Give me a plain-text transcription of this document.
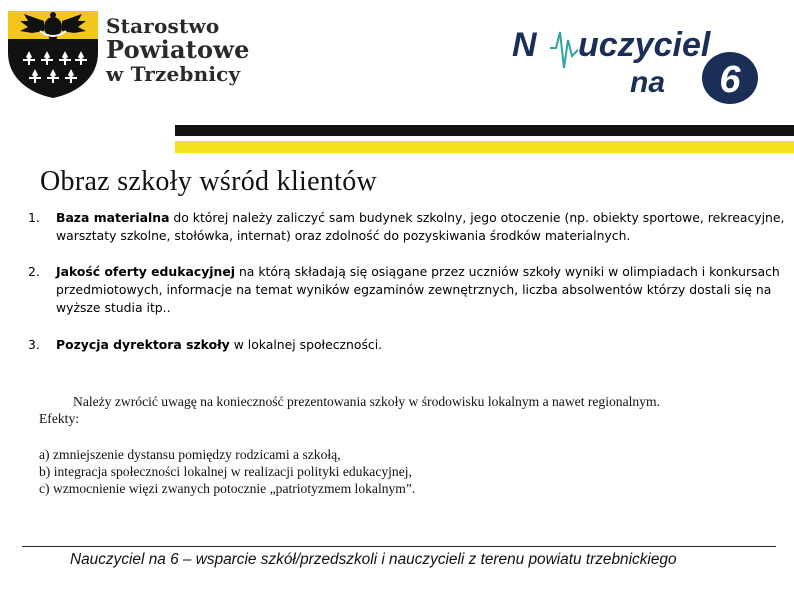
Starostwo
Powiatowe
w Trzebnicy
N uczyciel
na 6
Obraz szkoły wśród klientów
1. Baza materialna do której należy zaliczyć sam budynek szkolny, jego otoczenie (np. obiekty sportowe, rekreacyjne, warsztaty szkolne, stołówka, internat) oraz zdolność do pozyskiwania środków materialnych.
2. Jakość oferty edukacyjnej na którą składają się osiągane przez uczniów szkoły wyniki w olimpiadach i konkursach przedmiotowych, informacje na temat wyników egzaminów zewnętrznych, liczba absolwentów którzy dostali się na wyższe studia itp..
3. Pozycja dyrektora szkoły w lokalnej społeczności.
Należy zwrócić uwagę na konieczność prezentowania szkoły w środowisku lokalnym a nawet regionalnym.
Efekty:
a) zmniejszenie dystansu pomiędzy rodzicami a szkołą,
b) integracja społeczności lokalnej w realizacji polityki edukacyjnej,
c) wzmocnienie więzi zwanych potocznie „patriotyzmem lokalnym”.
Nauczyciel na 6 – wsparcie szkół/przedszkoli i nauczycieli z terenu powiatu trzebnickiego
